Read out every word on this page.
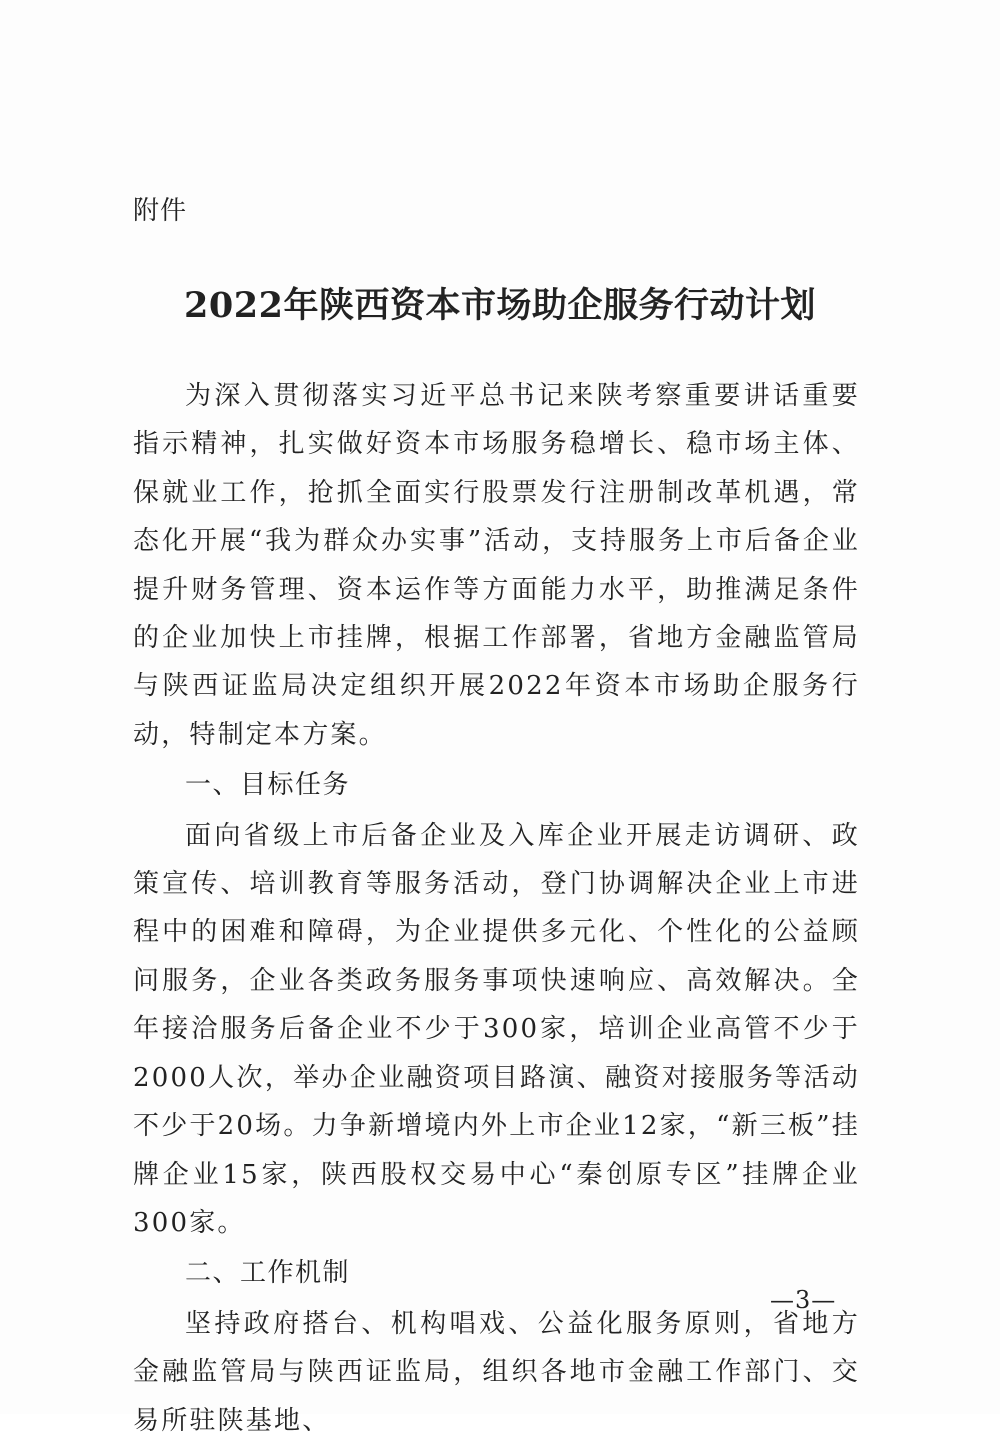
附件
2022年陕西资本市场助企服务行动计划

为深入贯彻落实习近平总书记来陕考察重要讲话重要指示精神，扎实做好资本市场服务稳增长、稳市场主体、保就业工作，抢抓全面实行股票发行注册制改革机遇，常态化开展“我为群众办实事”活动，支持服务上市后备企业提升财务管理、资本运作等方面能力水平，助推满足条件的企业加快上市挂牌，根据工作部署，省地方金融监管局与陕西证监局决定组织开展2022年资本市场助企服务行动，特制定本方案。

一、目标任务

面向省级上市后备企业及入库企业开展走访调研、政策宣传、培训教育等服务活动，登门协调解决企业上市进程中的困难和障碍，为企业提供多元化、个性化的公益顾问服务，企业各类政务服务事项快速响应、高效解决。全年接洽服务后备企业不少于300家，培训企业高管不少于2000人次，举办企业融资项目路演、融资对接服务等活动不少于20场。力争新增境内外上市企业12家，“新三板”挂牌企业15家，陕西股权交易中心“秦创原专区”挂牌企业300家。

二、工作机制

坚持政府搭台、机构唱戏、公益化服务原则，省地方金融监管局与陕西证监局，组织各地市金融工作部门、交易所驻陕基地、

—3—
